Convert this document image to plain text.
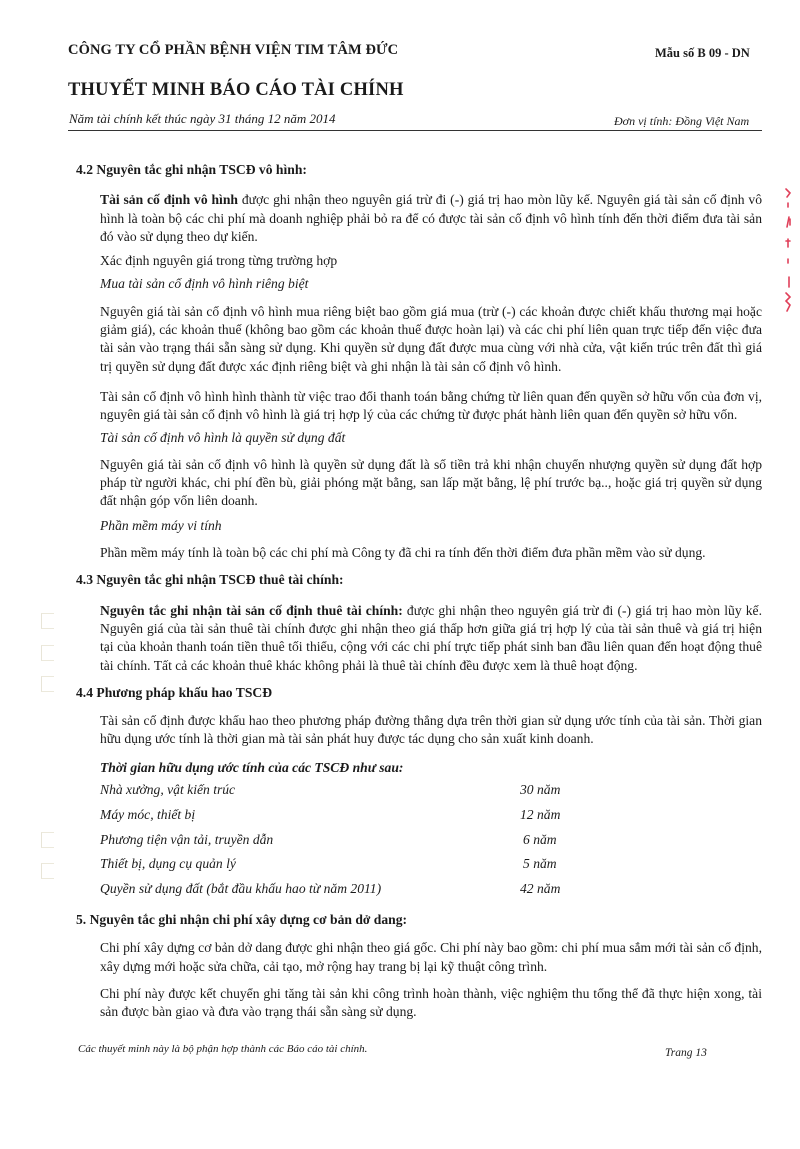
CÔNG TY CỔ PHẦN BỆNH VIỆN TIM TÂM ĐỨC	Mẫu số B 09 - DN
THUYẾT MINH BÁO CÁO TÀI CHÍNH
Năm tài chính kết thúc ngày 31 tháng 12 năm 2014	Đơn vị tính: Đồng Việt Nam

4.2 Nguyên tắc ghi nhận TSCĐ vô hình:

Tài sản cố định vô hình được ghi nhận theo nguyên giá trừ đi (-) giá trị hao mòn lũy kế. Nguyên giá tài sản cố định vô hình là toàn bộ các chi phí mà doanh nghiệp phải bỏ ra để có được tài sản cố định vô hình tính đến thời điểm đưa tài sản đó vào sử dụng theo dự kiến.

Xác định nguyên giá trong từng trường hợp

Mua tài sản cố định vô hình riêng biệt

Nguyên giá tài sản cố định vô hình mua riêng biệt bao gồm giá mua (trừ (-) các khoản được chiết khấu thương mại hoặc giảm giá), các khoản thuế (không bao gồm các khoản thuế được hoàn lại) và các chi phí liên quan trực tiếp đến việc đưa tài sản vào trạng thái sẵn sàng sử dụng. Khi quyền sử dụng đất được mua cùng với nhà cửa, vật kiến trúc trên đất thì giá trị quyền sử dụng đất được xác định riêng biệt và ghi nhận là tài sản cố định vô hình.

Tài sản cố định vô hình hình thành từ việc trao đổi thanh toán bằng chứng từ liên quan đến quyền sở hữu vốn của đơn vị, nguyên giá tài sản cố định vô hình là giá trị hợp lý của các chứng từ được phát hành liên quan đến quyền sở hữu vốn.

Tài sản cố định vô hình là quyền sử dụng đất

Nguyên giá tài sản cố định vô hình là quyền sử dụng đất là số tiền trả khi nhận chuyển nhượng quyền sử dụng đất hợp pháp từ người khác, chi phí đền bù, giải phóng mặt bằng, san lấp mặt bằng, lệ phí trước bạ.., hoặc giá trị quyền sử dụng đất nhận góp vốn liên doanh.

Phần mềm máy vi tính

Phần mềm máy tính là toàn bộ các chi phí mà Công ty đã chi ra tính đến thời điểm đưa phần mềm vào sử dụng.

4.3 Nguyên tắc ghi nhận TSCĐ thuê tài chính:

Nguyên tắc ghi nhận tài sản cố định thuê tài chính: được ghi nhận theo nguyên giá trừ đi (-) giá trị hao mòn lũy kế. Nguyên giá của tài sản thuê tài chính được ghi nhận theo giá thấp hơn giữa giá trị hợp lý của tài sản thuê và giá trị hiện tại của khoản thanh toán tiền thuê tối thiểu, cộng với các chi phí trực tiếp phát sinh ban đầu liên quan đến hoạt động thuê tài chính. Tất cả các khoản thuê khác không phải là thuê tài chính đều được xem là thuê hoạt động.

4.4 Phương pháp khấu hao TSCĐ

Tài sản cố định được khấu hao theo phương pháp đường thẳng dựa trên thời gian sử dụng ước tính của tài sản. Thời gian hữu dụng ước tính là thời gian mà tài sản phát huy được tác dụng cho sản xuất kinh doanh.

Thời gian hữu dụng ước tính của các TSCĐ như sau:

Nhà xưởng, vật kiến trúc	30 năm
Máy móc, thiết bị	12 năm
Phương tiện vận tải, truyền dẫn	6 năm
Thiết bị, dụng cụ quản lý	5 năm
Quyền sử dụng đất (bắt đầu khấu hao từ năm 2011)	42 năm

5. Nguyên tắc ghi nhận chi phí xây dựng cơ bản dở dang:

Chi phí xây dựng cơ bản dở dang được ghi nhận theo giá gốc. Chi phí này bao gồm: chi phí mua sắm mới tài sản cố định, xây dựng mới hoặc sửa chữa, cải tạo, mở rộng hay trang bị lại kỹ thuật công trình.

Chi phí này được kết chuyển ghi tăng tài sản khi công trình hoàn thành, việc nghiệm thu tổng thể đã thực hiện xong, tài sản được bàn giao và đưa vào trạng thái sẵn sàng sử dụng.

Các thuyết minh này là bộ phận hợp thành các Báo cáo tài chính.	Trang 13
